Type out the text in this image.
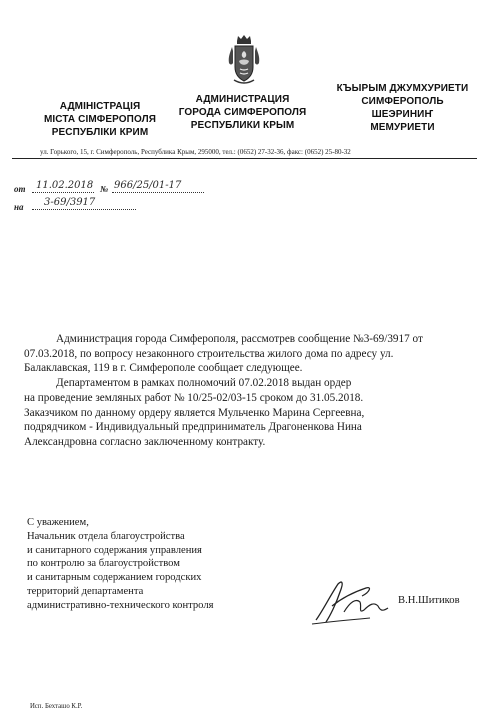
АДМІНІСТРАЦІЯ
МІСТА СІМФЕРОПОЛЯ
РЕСПУБЛІКИ КРИМ
АДМИНИСТРАЦИЯ
ГОРОДА СИМФЕРОПОЛЯ
РЕСПУБЛИКИ КРЫМ
КЪЫРЫМ ДЖУМХУРИЕТИ
СИМФЕРОПОЛЬ
ШЕЭРИНИҤ
МЕМУРИЕТИ
ул. Горького, 15, г. Симферополь, Республика Крым, 295000, тел.: (0652) 27-32-36, факс: (0652) 25-80-32
от 11.02.2018 № 966/25/01-17
на 3-69/3917
Администрация города Симферополя, рассмотрев сообщение №3-69/3917 от
07.03.2018, по вопросу незаконного строительства жилого дома по адресу ул.
Балаклавская, 119 в г. Симферополе сообщает следующее.
Департаментом в рамках полномочий 07.02.2018 выдан ордер
на проведение земляных работ № 10/25-02/03-15 сроком до 31.05.2018.
Заказчиком по данному ордеру является Мульченко Марина Сергеевна,
подрядчиком - Индивидуальный предприниматель Драгоненкова Нина
Александровна согласно заключенному контракту.
С уважением,
Начальник отдела благоустройства
и санитарного содержания управления
по контролю за благоустройством
и санитарным содержанием городских
территорий департамента
административно-технического контроля	В.Н.Шитиков
Исп. Бехташо К.Р.
